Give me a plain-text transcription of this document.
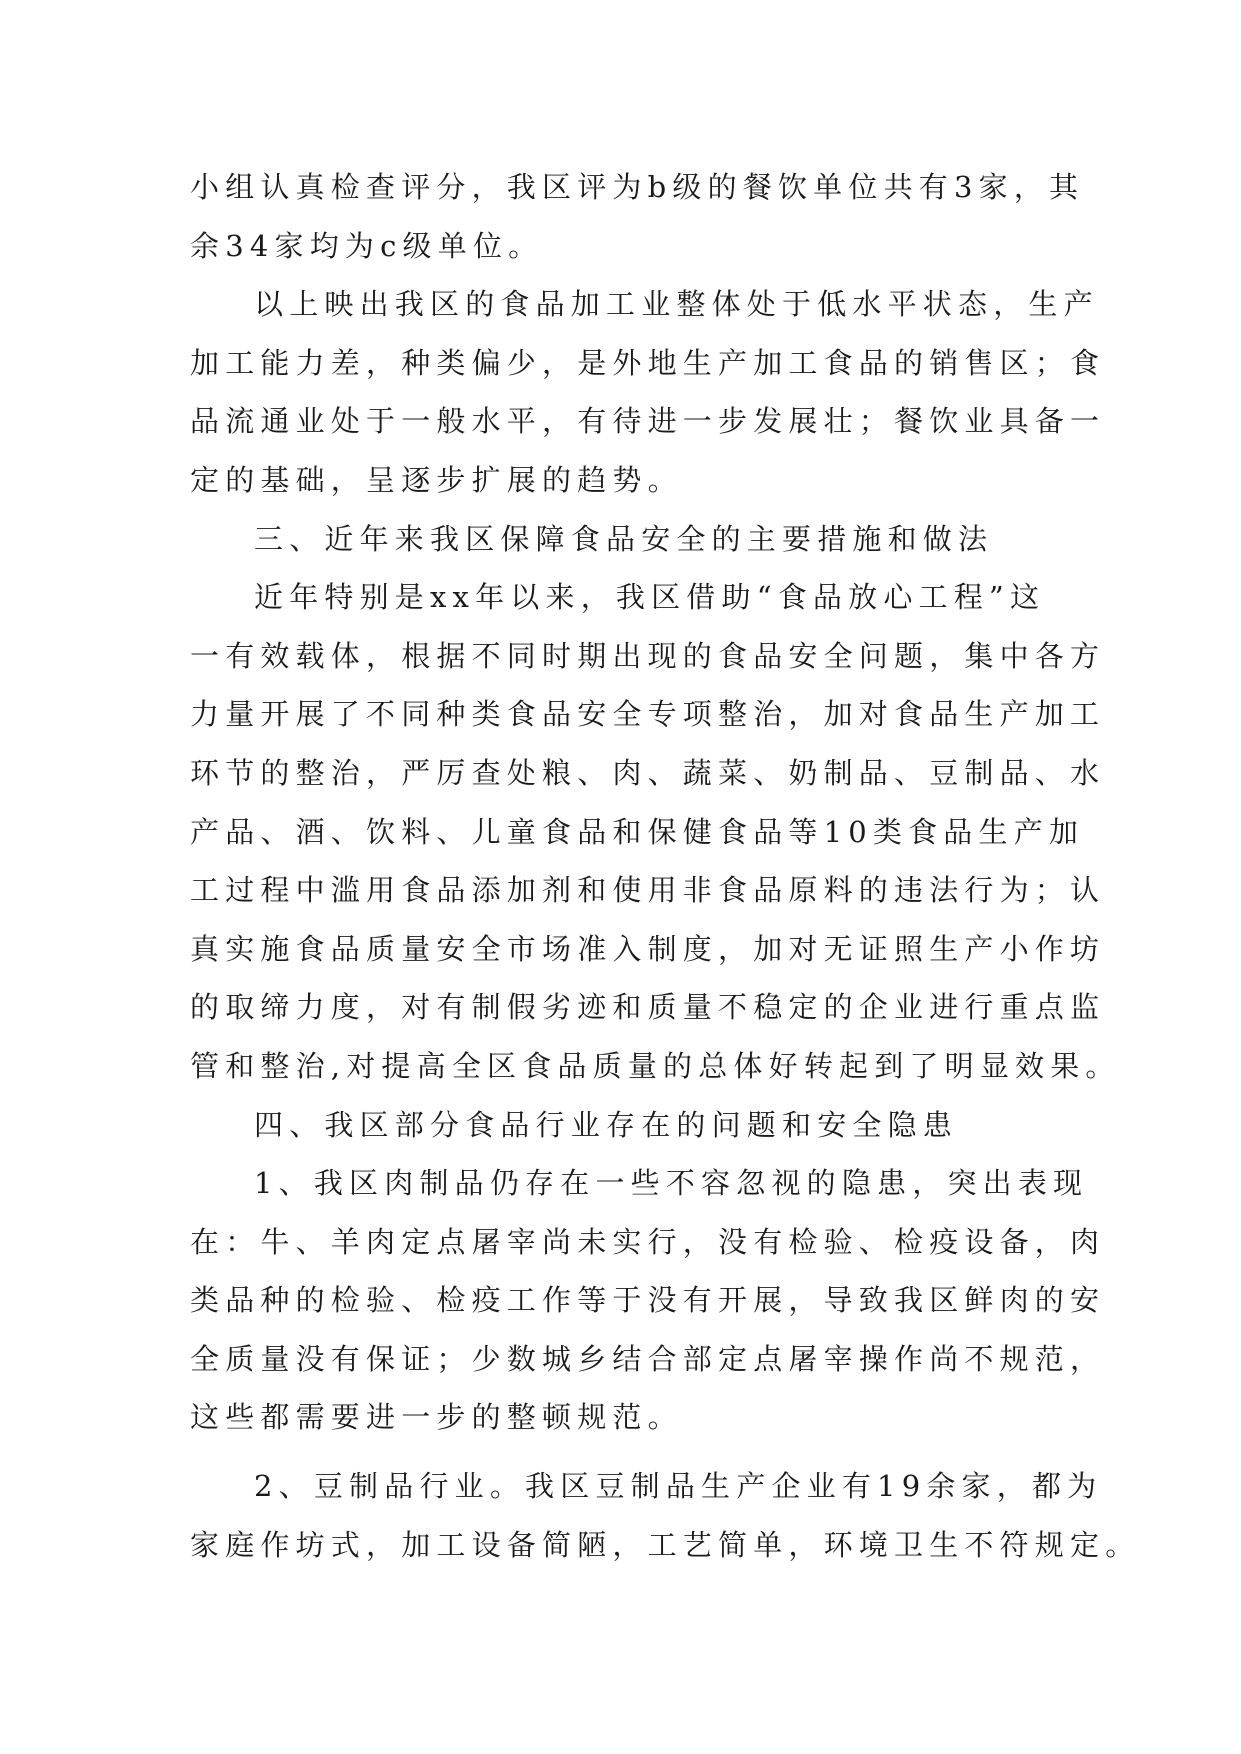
小组认真检查评分，我区评为b级的餐饮单位共有3家，其
余34家均为c级单位。
以上映出我区的食品加工业整体处于低水平状态，生产
加工能力差，种类偏少，是外地生产加工食品的销售区；食
品流通业处于一般水平，有待进一步发展壮；餐饮业具备一
定的基础，呈逐步扩展的趋势。
三、近年来我区保障食品安全的主要措施和做法
近年特别是xx年以来，我区借助“食品放心工程”这
一有效载体，根据不同时期出现的食品安全问题，集中各方
力量开展了不同种类食品安全专项整治，加对食品生产加工
环节的整治，严厉查处粮、肉、蔬菜、奶制品、豆制品、水
产品、酒、饮料、儿童食品和保健食品等10类食品生产加
工过程中滥用食品添加剂和使用非食品原料的违法行为；认
真实施食品质量安全市场准入制度，加对无证照生产小作坊
的取缔力度，对有制假劣迹和质量不稳定的企业进行重点监
管和整治,对提高全区食品质量的总体好转起到了明显效果。
四、我区部分食品行业存在的问题和安全隐患
1、我区肉制品仍存在一些不容忽视的隐患，突出表现
在：牛、羊肉定点屠宰尚未实行，没有检验、检疫设备，肉
类品种的检验、检疫工作等于没有开展，导致我区鲜肉的安
全质量没有保证；少数城乡结合部定点屠宰操作尚不规范，
这些都需要进一步的整顿规范。
2、豆制品行业。我区豆制品生产企业有19余家，都为
家庭作坊式，加工设备简陋，工艺简单，环境卫生不符规定。
